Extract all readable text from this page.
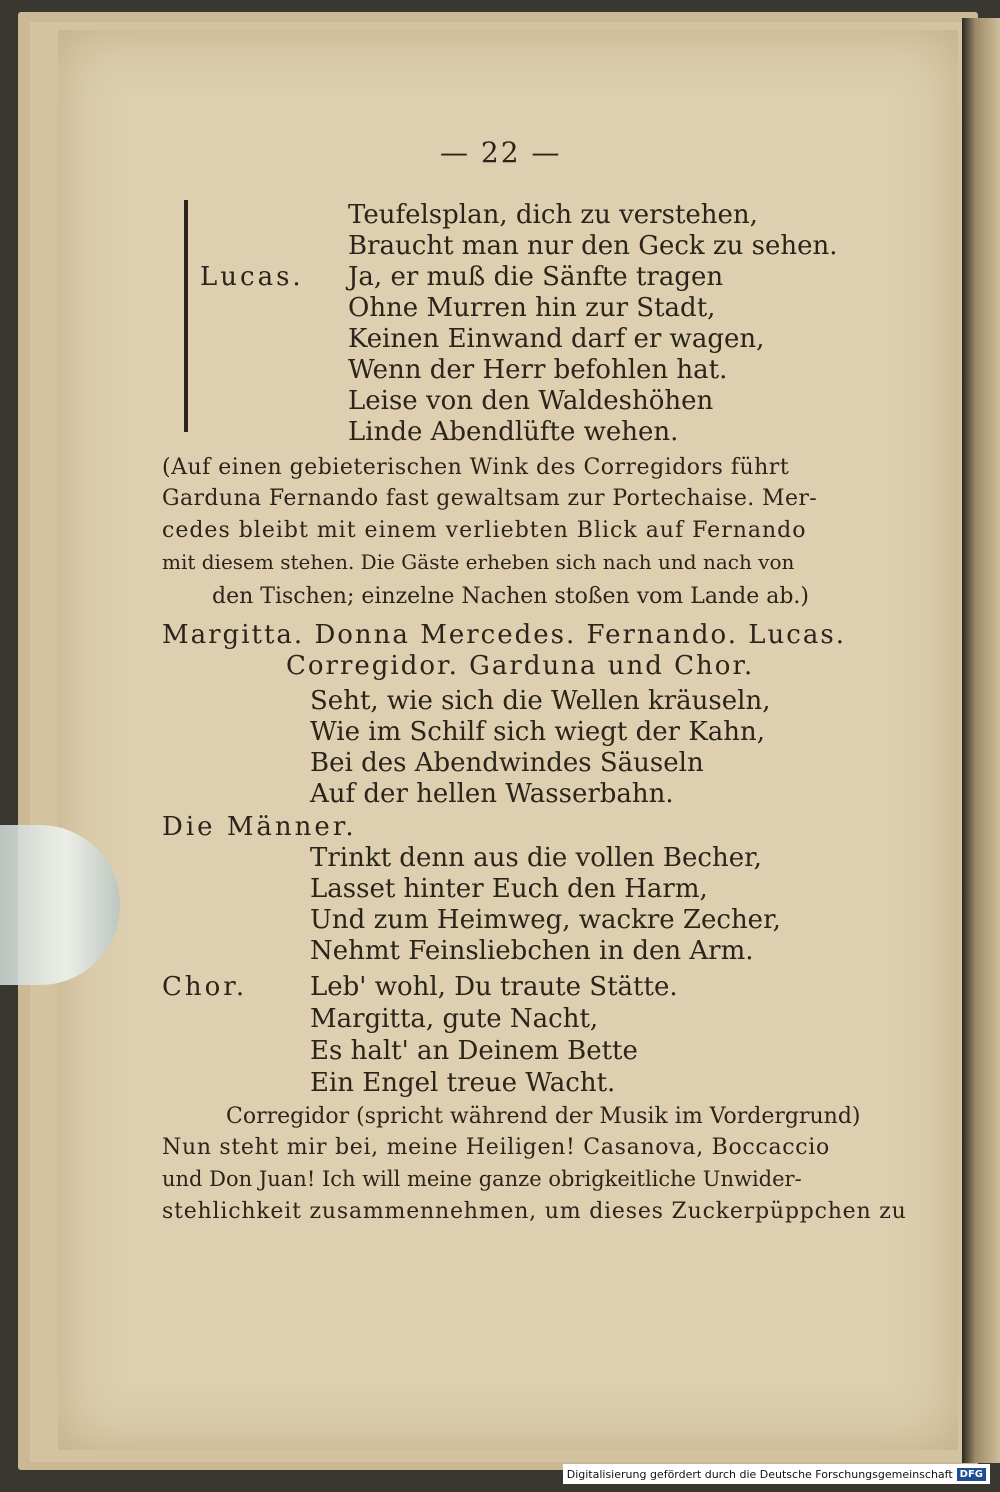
— 22 —
Lucas.
Teufelsplan, dich zu verstehen,
Braucht man nur den Geck zu sehen.
Ja, er muß die Sänfte tragen
Ohne Murren hin zur Stadt,
Keinen Einwand darf er wagen,
Wenn der Herr befohlen hat.
Leise von den Waldeshöhen
Linde Abendlüfte wehen.
(Auf einen gebieterischen Wink des Corregidors führt
Garduna Fernando fast gewaltsam zur Portechaise. Mer-
cedes bleibt mit einem verliebten Blick auf Fernando
mit diesem stehen. Die Gäste erheben sich nach und nach von
den Tischen; einzelne Nachen stoßen vom Lande ab.)
Margitta. Donna Mercedes. Fernando. Lucas.
Corregidor. Garduna und Chor.
Seht, wie sich die Wellen kräuseln,
Wie im Schilf sich wiegt der Kahn,
Bei des Abendwindes Säuseln
Auf der hellen Wasserbahn.
Die Männer.
Trinkt denn aus die vollen Becher,
Lasset hinter Euch den Harm,
Und zum Heimweg, wackre Zecher,
Nehmt Feinsliebchen in den Arm.
Chor. Leb' wohl, Du traute Stätte.
Margitta, gute Nacht,
Es halt' an Deinem Bette
Ein Engel treue Wacht.
Corregidor (spricht während der Musik im Vordergrund)
Nun steht mir bei, meine Heiligen! Casanova, Boccaccio
und Don Juan! Ich will meine ganze obrigkeitliche Unwider-
stehlichkeit zusammennehmen, um dieses Zuckerpüppchen zu
Digitalisierung gefördert durch die Deutsche Forschungsgemeinschaft DFG
